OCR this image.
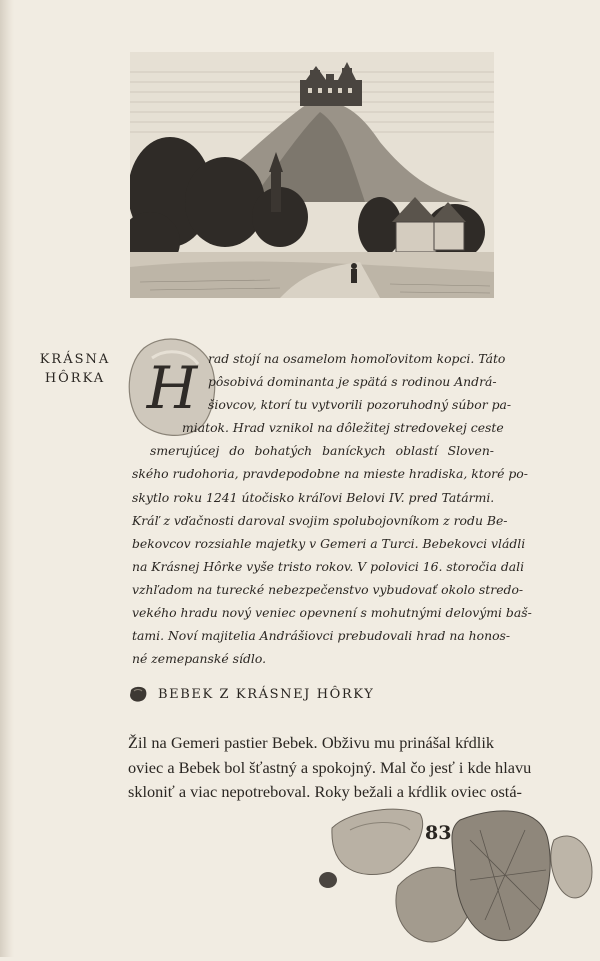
KRÁSNA
HÔRKA H rad stojí na osamelom homoľovitom kopci. Táto
pôsobivá dominanta je spätá s rodinou Andrá-
šiovcov, ktorí tu vytvorili pozoruhodný súbor pa-
miatok. Hrad vznikol na dôležitej stredovekej ceste
smerujúcej do bohatých baníckych oblastí Sloven-
ského rudohoria, pravdepodobne na mieste hradiska, ktoré po-
skytlo roku 1241 útočisko kráľovi Belovi IV. pred Tatármi.
Kráľ z vďačnosti daroval svojim spolubojovníkom z rodu Be-
bekovcov rozsiahle majetky v Gemeri a Turci. Bebekovci vládli
na Krásnej Hôrke vyše tristo rokov. V polovici 16. storočia dali
vzhľadom na turecké nebezpečenstvo vybudovať okolo stredo-
vekého hradu nový veniec opevnení s mohutnými delovými baš-
tami. Noví majitelia Andrášiovci prebudovali hrad na honos-
né zemepanské sídlo.
BEBEK Z KRÁSNEJ HÔRKY
Žil na Gemeri pastier Bebek. Obživu mu prinášal kŕdlik
oviec a Bebek bol šťastný a spokojný. Mal čo jesť i kde hlavu
skloniť a viac nepotreboval. Roky bežali a kŕdlik oviec ostá-
83
